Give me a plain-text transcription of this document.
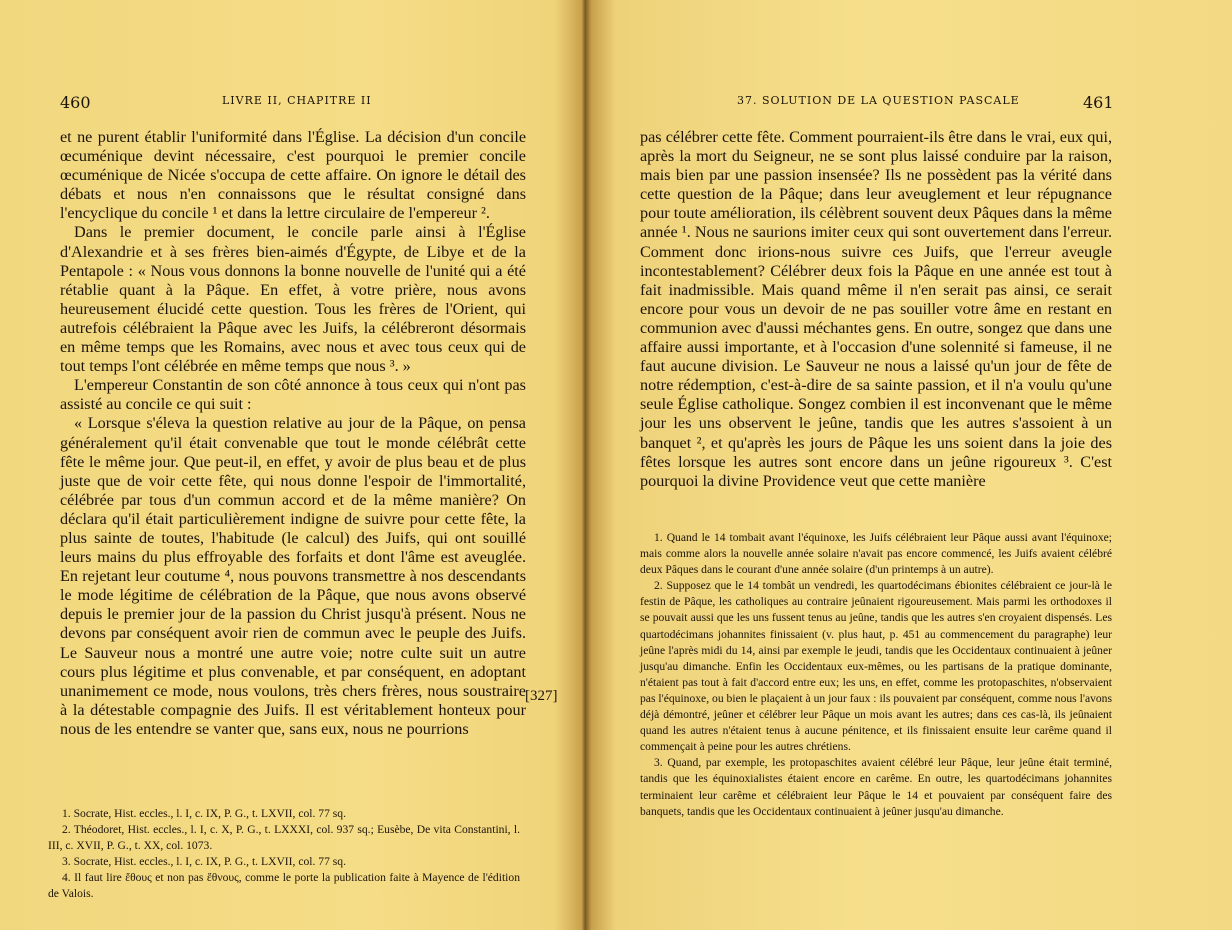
460	LIVRE II, CHAPITRE II

et ne purent établir l'uniformité dans l'Église. La décision d'un concile œcuménique devint nécessaire, c'est pourquoi le premier concile œcuménique de Nicée s'occupa de cette affaire. On ignore le détail des débats et nous n'en connaissons que le résultat consigné dans l'encyclique du concile ¹ et dans la lettre circulaire de l'empereur ².

Dans le premier document, le concile parle ainsi à l'Église d'Alexandrie et à ses frères bien-aimés d'Égypte, de Libye et de la Pentapole : « Nous vous donnons la bonne nouvelle de l'unité qui a été rétablie quant à la Pâque. En effet, à votre prière, nous avons heureusement élucidé cette question. Tous les frères de l'Orient, qui autrefois célébraient la Pâque avec les Juifs, la célébreront désormais en même temps que les Romains, avec nous et avec tous ceux qui de tout temps l'ont célébrée en même temps que nous ³. »

L'empereur Constantin de son côté annonce à tous ceux qui n'ont pas assisté au concile ce qui suit :

« Lorsque s'éleva la question relative au jour de la Pâque, on pensa généralement qu'il était convenable que tout le monde célébrât cette fête le même jour. Que peut-il, en effet, y avoir de plus beau et de plus juste que de voir cette fête, qui nous donne l'espoir de l'immortalité, célébrée par tous d'un commun accord et de la même manière? On déclara qu'il était particulièrement indigne de suivre pour cette fête, la plus sainte de toutes, l'habitude (le calcul) des Juifs, qui ont souillé leurs mains du plus effroyable des forfaits et dont l'âme est aveuglée. En rejetant leur coutume ⁴, nous pouvons transmettre à nos descendants le mode légitime de célébration de la Pâque, que nous avons observé depuis le premier jour de la passion du Christ jusqu'à présent. Nous ne devons par conséquent avoir rien de commun avec le peuple des Juifs. Le Sauveur nous a montré une autre voie; notre culte suit un autre cours plus légitime et plus convenable, et par conséquent, en adoptant unanimement ce mode, nous voulons, très chers frères, nous soustraire à la détestable compagnie des Juifs. Il est véritablement honteux pour nous de les entendre se vanter que, sans eux, nous ne pourrions

[327]

1. Socrate, Hist. eccles., l. I, c. IX, P. G., t. LXVII, col. 77 sq.

2. Théodoret, Hist. eccles., l. I, c. X, P. G., t. LXXXI, col. 937 sq.; Eusèbe, De vita Constantini, l. III, c. XVII, P. G., t. XX, col. 1073.

3. Socrate, Hist. eccles., l. I, c. IX, P. G., t. LXVII, col. 77 sq.

4. Il faut lire ἔθους et non pas ἔθνους, comme le porte la publication faite à Mayence de l'édition de Valois.

37. SOLUTION DE LA QUESTION PASCALE	461

pas célébrer cette fête. Comment pourraient-ils être dans le vrai, eux qui, après la mort du Seigneur, ne se sont plus laissé conduire par la raison, mais bien par une passion insensée? Ils ne possèdent pas la vérité dans cette question de la Pâque; dans leur aveuglement et leur répugnance pour toute amélioration, ils célèbrent souvent deux Pâques dans la même année ¹. Nous ne saurions imiter ceux qui sont ouvertement dans l'erreur. Comment donc irions-nous suivre ces Juifs, que l'erreur aveugle incontestablement? Célébrer deux fois la Pâque en une année est tout à fait inadmissible. Mais quand même il n'en serait pas ainsi, ce serait encore pour vous un devoir de ne pas souiller votre âme en restant en communion avec d'aussi méchantes gens. En outre, songez que dans une affaire aussi importante, et à l'occasion d'une solennité si fameuse, il ne faut aucune division. Le Sauveur ne nous a laissé qu'un jour de fête de notre rédemption, c'est-à-dire de sa sainte passion, et il n'a voulu qu'une seule Église catholique. Songez combien il est inconvenant que le même jour les uns observent le jeûne, tandis que les autres s'assoient à un banquet ², et qu'après les jours de Pâque les uns soient dans la joie des fêtes lorsque les autres sont encore dans un jeûne rigoureux ³. C'est pourquoi la divine Providence veut que cette manière

1. Quand le 14 tombait avant l'équinoxe, les Juifs célébraient leur Pâque aussi avant l'équinoxe; mais comme alors la nouvelle année solaire n'avait pas encore commencé, les Juifs avaient célébré deux Pâques dans le courant d'une année solaire (d'un printemps à un autre).

2. Supposez que le 14 tombât un vendredi, les quartodécimans ébionites célébraient ce jour-là le festin de Pâque, les catholiques au contraire jeûnaient rigoureusement. Mais parmi les orthodoxes il se pouvait aussi que les uns fussent tenus au jeûne, tandis que les autres s'en croyaient dispensés. Les quartodécimans johannites finissaient (v. plus haut, p. 451 au commencement du paragraphe) leur jeûne l'après midi du 14, ainsi par exemple le jeudi, tandis que les Occidentaux continuaient à jeûner jusqu'au dimanche. Enfin les Occidentaux eux-mêmes, ou les partisans de la pratique dominante, n'étaient pas tout à fait d'accord entre eux; les uns, en effet, comme les protopaschites, n'observaient pas l'équinoxe, ou bien le plaçaient à un jour faux : ils pouvaient par conséquent, comme nous l'avons déjà démontré, jeûner et célébrer leur Pâque un mois avant les autres; dans ces cas-là, ils jeûnaient quand les autres n'étaient tenus à aucune pénitence, et ils finissaient ensuite leur carême quand il commençait à peine pour les autres chrétiens.

3. Quand, par exemple, les protopaschites avaient célébré leur Pâque, leur jeûne était terminé, tandis que les équinoxialistes étaient encore en carême. En outre, les quartodécimans johannites terminaient leur carême et célébraient leur Pâque le 14 et pouvaient par conséquent faire des banquets, tandis que les Occidentaux continuaient à jeûner jusqu'au dimanche.
